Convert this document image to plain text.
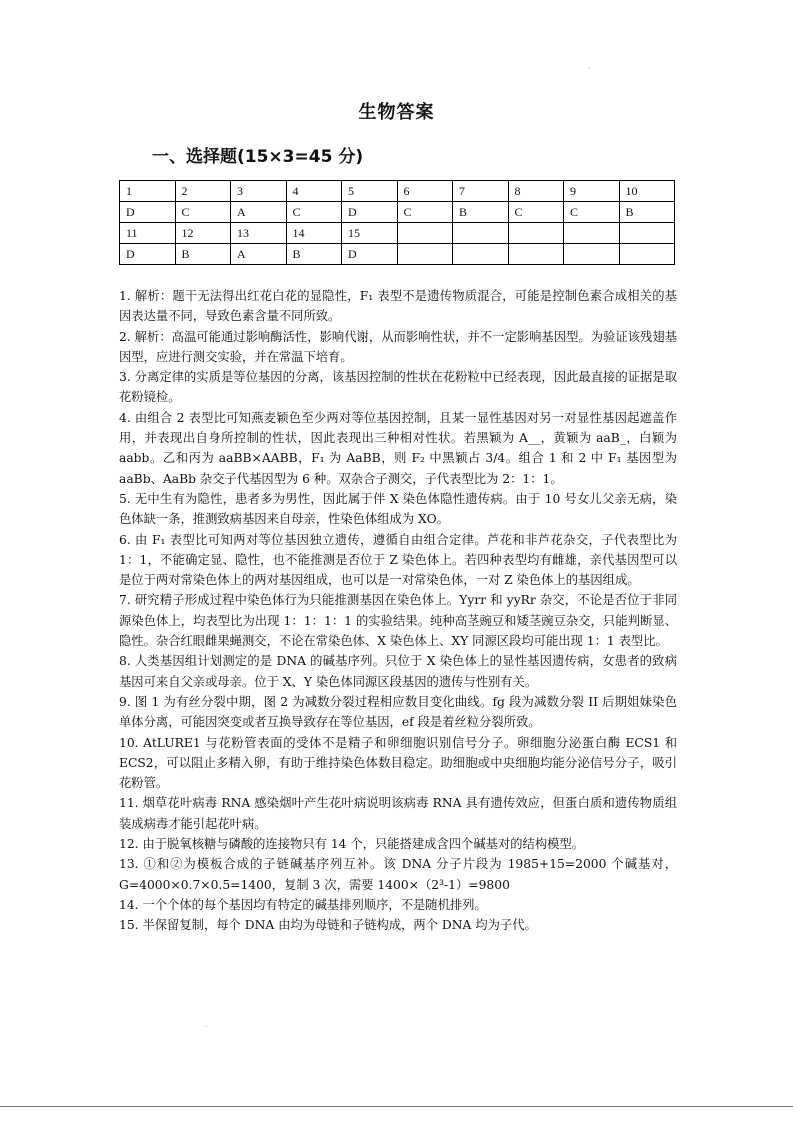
.
.
生物答案
一、选择题(15×3=45 分)
1	2	3	4	5	6	7	8	9	10
D	C	A	C	D	C	B	C	C	B
11	12	13	14	15					
D	B	A	B	D					

1. 解析：题干无法得出红花白花的显隐性，F₁ 表型不是遗传物质混合，可能是控制色素合成相关的基因表达量不同，导致色素含量不同所致。

2. 解析：高温可能通过影响酶活性，影响代谢，从而影响性状，并不一定影响基因型。为验证该残翅基因型，应进行测交实验，并在常温下培育。

3. 分离定律的实质是等位基因的分离，该基因控制的性状在花粉粒中已经表现，因此最直接的证据是取花粉镜检。

4. 由组合 2 表型比可知燕麦颖色至少两对等位基因控制，且某一显性基因对另一对显性基因起遮盖作用，并表现出自身所控制的性状，因此表现出三种相对性状。若黑颖为 A__，黄颖为 aaB_，白颖为 aabb。乙和丙为 aaBB×AABB，F₁ 为 AaBB，则 F₂ 中黑颖占 3/4。组合 1 和 2 中 F₁ 基因型为 aaBb、AaBb 杂交子代基因型为 6 种。双杂合子测交，子代表型比为 2：1：1。

5. 无中生有为隐性，患者多为男性，因此属于伴 X 染色体隐性遗传病。由于 10 号女儿父亲无病，染色体缺一条，推测致病基因来自母亲，性染色体组成为 XO。

6. 由 F₁ 表型比可知两对等位基因独立遗传，遵循自由组合定律。芦花和非芦花杂交，子代表型比为 1：1，不能确定显、隐性，也不能推测是否位于 Z 染色体上。若四种表型均有雌雄，亲代基因型可以是位于两对常染色体上的两对基因组成，也可以是一对常染色体，一对 Z 染色体上的基因组成。

7. 研究精子形成过程中染色体行为只能推测基因在染色体上。Yyrr 和 yyRr 杂交，不论是否位于非同源染色体上，均表型比为出现 1：1：1：1 的实验结果。纯种高茎豌豆和矮茎豌豆杂交，只能判断显、隐性。杂合红眼雌果蝇测交，不论在常染色体、X 染色体上、XY 同源区段均可能出现 1：1 表型比。

8. 人类基因组计划测定的是 DNA 的碱基序列。只位于 X 染色体上的显性基因遗传病，女患者的致病基因可来自父亲或母亲。位于 X、Y 染色体同源区段基因的遗传与性别有关。

9. 图 1 为有丝分裂中期，图 2 为减数分裂过程相应数目变化曲线。fg 段为减数分裂 II 后期姐妹染色单体分离，可能因突变或者互换导致存在等位基因，ef 段是着丝粒分裂所致。

10. AtLURE1 与花粉管表面的受体不是精子和卵细胞识别信号分子。卵细胞分泌蛋白酶 ECS1 和 ECS2，可以阻止多精入卵，有助于维持染色体数目稳定。助细胞或中央细胞均能分泌信号分子，吸引花粉管。

11. 烟草花叶病毒 RNA 感染烟叶产生花叶病说明该病毒 RNA 具有遗传效应，但蛋白质和遗传物质组装成病毒才能引起花叶病。

12. 由于脱氧核糖与磷酸的连接物只有 14 个，只能搭建成含四个碱基对的结构模型。

13. ①和②为模板合成的子链碱基序列互补。该 DNA 分子片段为 1985+15=2000 个碱基对，G=4000×0.7×0.5=1400，复制 3 次，需要 1400×（2³-1）=9800

14. 一个个体的每个基因均有特定的碱基排列顺序，不是随机排列。

15. 半保留复制，每个 DNA 由均为母链和子链构成，两个 DNA 均为子代。
